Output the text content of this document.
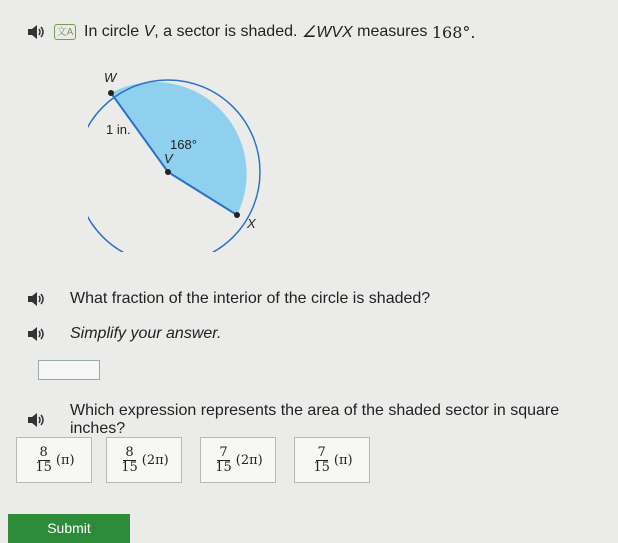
文A In circle V , a sector is shaded. ∠WVX measures 168°.
W
1 in.
168°
V
X
What fraction of the interior of the circle is shaded?
Simplify your answer.
Which expression represents the area of the shaded sector in square inches?
$\frac{8}{15} (\pi)$	$\frac{8}{15} (2\pi)$	$\frac{7}{15} (2\pi)$	$\frac{7}{15} (\pi)$
Submit
